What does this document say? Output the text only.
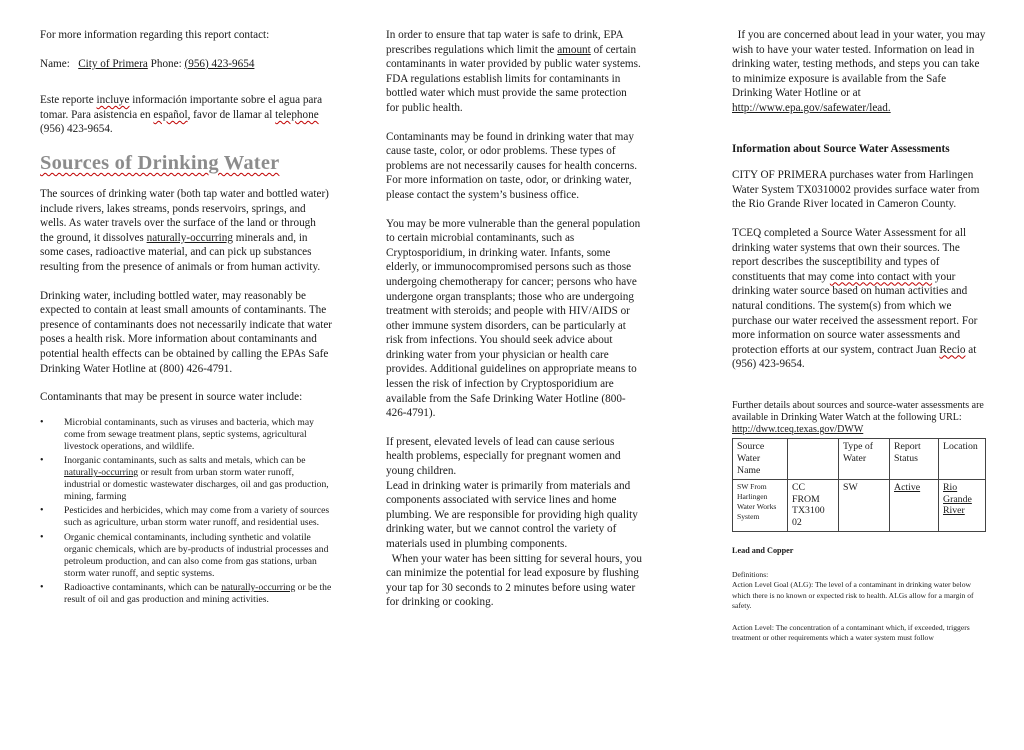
For more information regarding this report contact:

Name: City of Primera Phone: (956) 423-9654

Este reporte incluye información importante sobre el agua para tomar. Para asistencia en español, favor de llamar al telephone (956) 423-9654.

Sources of Drinking Water

The sources of drinking water (both tap water and bottled water) include rivers, lakes streams, ponds reservoirs, springs, and wells. As water travels over the surface of the land or through the ground, it dissolves naturally-occurring minerals and, in some cases, radioactive material, and can pick up substances resulting from the presence of animals or from human activity.

Drinking water, including bottled water, may reasonably be expected to contain at least small amounts of contaminants. The presence of contaminants does not necessarily indicate that water poses a health risk. More information about contaminants and potential health effects can be obtained by calling the EPAs Safe Drinking Water Hotline at (800) 426-4791.

Contaminants that may be present in source water include:

• Microbial contaminants, such as viruses and bacteria, which may come from sewage treatment plans, septic systems, agricultural livestock operations, and wildlife.
• Inorganic contaminants, such as salts and metals, which can be naturally-occurring or result from urban storm water runoff, industrial or domestic wastewater discharges, oil and gas production, mining, farming
• Pesticides and herbicides, which may come from a variety of sources such as agriculture, urban storm water runoff, and residential uses.
• Organic chemical contaminants, including synthetic and volatile organic chemicals, which are by-products of industrial processes and petroleum production, and can also come from gas stations, urban storm water runoff, and septic systems.
• Radioactive contaminants, which can be naturally-occurring or be the result of oil and gas production and mining activities.

In order to ensure that tap water is safe to drink, EPA prescribes regulations which limit the amount of certain contaminants in water provided by public water systems. FDA regulations establish limits for contaminants in bottled water which must provide the same protection for public health.

Contaminants may be found in drinking water that may cause taste, color, or odor problems. These types of problems are not necessarily causes for health concerns. For more information on taste, odor, or drinking water, please contact the system’s business office.

You may be more vulnerable than the general population to certain microbial contaminants, such as Cryptosporidium, in drinking water. Infants, some elderly, or immunocompromised persons such as those undergoing chemotherapy for cancer; persons who have undergone organ transplants; those who are undergoing treatment with steroids; and people with HIV/AIDS or other immune system disorders, can be particularly at risk from infections. You should seek advice about drinking water from your physician or health care provides. Additional guidelines on appropriate means to lessen the risk of infection by Cryptosporidium are available from the Safe Drinking Water Hotline (800-426-4791).

If present, elevated levels of lead can cause serious health problems, especially for pregnant women and young children.

Lead in drinking water is primarily from materials and components associated with service lines and home plumbing. We are responsible for providing high quality drinking water, but we cannot control the variety of materials used in plumbing components.

When your water has been sitting for several hours, you can minimize the potential for lead exposure by flushing your tap for 30 seconds to 2 minutes before using water for drinking or cooking.

If you are concerned about lead in your water, you may wish to have your water tested. Information on lead in drinking water, testing methods, and steps you can take to minimize exposure is available from the Safe Drinking Water Hotline or at
http://www.epa.gov/safewater/lead.

Information about Source Water Assessments

CITY OF PRIMERA purchases water from Harlingen Water System TX0310002 provides surface water from the Rio Grande River located in Cameron County.

TCEQ completed a Source Water Assessment for all drinking water systems that own their sources. The report describes the susceptibility and types of constituents that may come into contact with your drinking water source based on human activities and natural conditions. The system(s) from which we purchase our water received the assessment report. For more information on source water assessments and protection efforts at our system, contract Juan Recio at (956) 423-9654.

Further details about sources and source-water assessments are available in Drinking Water Watch at the following URL:
http://dww.tceq.texas.gov/DWW

Source Water Name		Type of Water	Report Status	Location
SW From Harlingen Water Works System	CC FROM TX3100 02	SW	Active	Rio Grande River
Lead and Copper

Definitions:

Action Level Goal (ALG): The level of a contaminant in drinking water below which there is no known or expected risk to health. ALGs allow for a margin of safety.

Action Level: The concentration of a contaminant which, if exceeded, triggers treatment or other requirements which a water system must follow
